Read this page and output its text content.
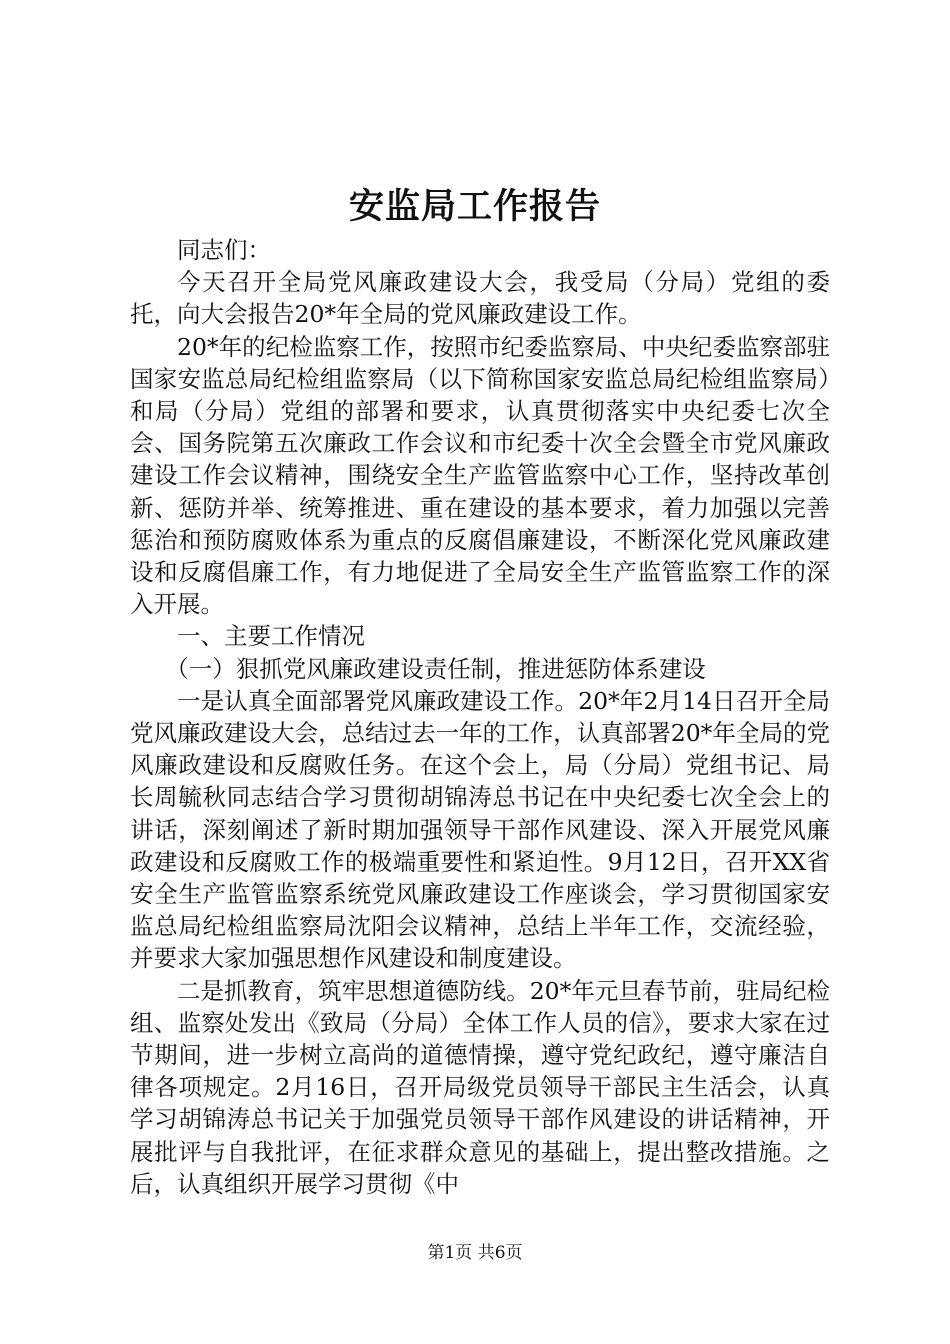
安监局工作报告

同志们：

今天召开全局党风廉政建设大会，我受局（分局）党组的委托，向大会报告20*年全局的党风廉政建设工作。

20*年的纪检监察工作，按照市纪委监察局、中央纪委监察部驻国家安监总局纪检组监察局（以下简称国家安监总局纪检组监察局）和局（分局）党组的部署和要求，认真贯彻落实中央纪委七次全会、国务院第五次廉政工作会议和市纪委十次全会暨全市党风廉政建设工作会议精神，围绕安全生产监管监察中心工作，坚持改革创新、惩防并举、统筹推进、重在建设的基本要求，着力加强以完善惩治和预防腐败体系为重点的反腐倡廉建设，不断深化党风廉政建设和反腐倡廉工作，有力地促进了全局安全生产监管监察工作的深入开展。

一、主要工作情况

（一）狠抓党风廉政建设责任制，推进惩防体系建设

一是认真全面部署党风廉政建设工作。20*年2月14日召开全局党风廉政建设大会，总结过去一年的工作，认真部署20*年全局的党风廉政建设和反腐败任务。在这个会上，局（分局）党组书记、局长周毓秋同志结合学习贯彻胡锦涛总书记在中央纪委七次全会上的讲话，深刻阐述了新时期加强领导干部作风建设、深入开展党风廉政建设和反腐败工作的极端重要性和紧迫性。9月12日，召开XX省安全生产监管监察系统党风廉政建设工作座谈会，学习贯彻国家安监总局纪检组监察局沈阳会议精神，总结上半年工作，交流经验，并要求大家加强思想作风建设和制度建设。

二是抓教育，筑牢思想道德防线。20*年元旦春节前，驻局纪检组、监察处发出《致局（分局）全体工作人员的信》，要求大家在过节期间，进一步树立高尚的道德情操，遵守党纪政纪，遵守廉洁自律各项规定。2月16日，召开局级党员领导干部民主生活会，认真学习胡锦涛总书记关于加强党员领导干部作风建设的讲话精神，开展批评与自我批评，在征求群众意见的基础上，提出整改措施。之后，认真组织开展学习贯彻《中

第1页 共6页
